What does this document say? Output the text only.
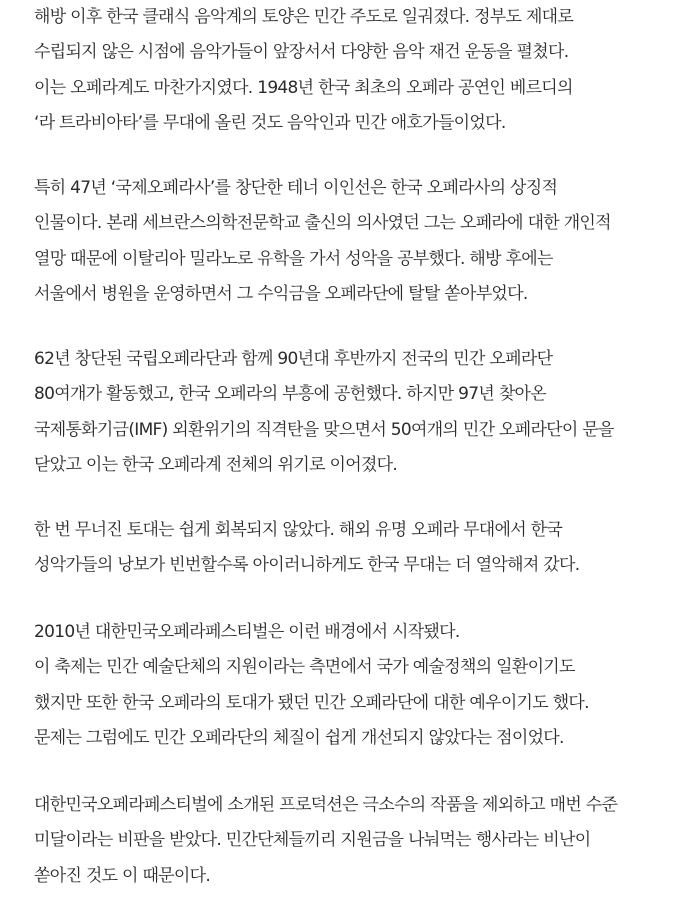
해방 이후 한국 클래식 음악계의 토양은 민간 주도로 일궈졌다. 정부도 제대로
수립되지 않은 시점에 음악가들이 앞장서서 다양한 음악 재건 운동을 펼쳤다.
이는 오페라계도 마찬가지였다. 1948년 한국 최초의 오페라 공연인 베르디의
‘라 트라비아타’를 무대에 올린 것도 음악인과 민간 애호가들이었다.
특히 47년 ‘국제오페라사’를 창단한 테너 이인선은 한국 오페라사의 상징적
인물이다. 본래 세브란스의학전문학교 출신의 의사였던 그는 오페라에 대한 개인적
열망 때문에 이탈리아 밀라노로 유학을 가서 성악을 공부했다. 해방 후에는
서울에서 병원을 운영하면서 그 수익금을 오페라단에 탈탈 쏟아부었다.
62년 창단된 국립오페라단과 함께 90년대 후반까지 전국의 민간 오페라단
80여개가 활동했고, 한국 오페라의 부흥에 공헌했다. 하지만 97년 찾아온
국제통화기금(IMF) 외환위기의 직격탄을 맞으면서 50여개의 민간 오페라단이 문을
닫았고 이는 한국 오페라계 전체의 위기로 이어졌다.
한 번 무너진 토대는 쉽게 회복되지 않았다. 해외 유명 오페라 무대에서 한국
성악가들의 낭보가 빈번할수록 아이러니하게도 한국 무대는 더 열악해져 갔다.
2010년 대한민국오페라페스티벌은 이런 배경에서 시작됐다.
이 축제는 민간 예술단체의 지원이라는 측면에서 국가 예술정책의 일환이기도
했지만 또한 한국 오페라의 토대가 됐던 민간 오페라단에 대한 예우이기도 했다.
문제는 그럼에도 민간 오페라단의 체질이 쉽게 개선되지 않았다는 점이었다.
대한민국오페라페스티벌에 소개된 프로덕션은 극소수의 작품을 제외하고 매번 수준
미달이라는 비판을 받았다. 민간단체들끼리 지원금을 나눠먹는 행사라는 비난이
쏟아진 것도 이 때문이다.
